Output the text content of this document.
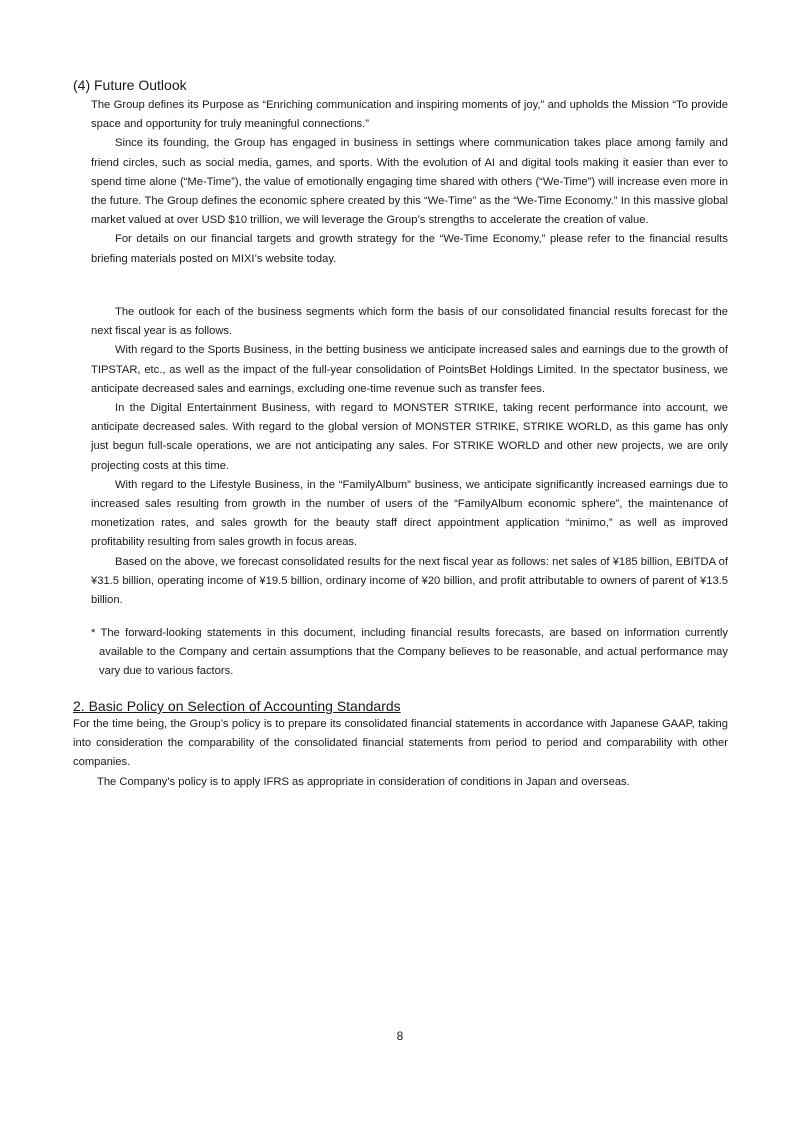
(4) Future Outlook

The Group defines its Purpose as “Enriching communication and inspiring moments of joy,” and upholds the Mission “To provide space and opportunity for truly meaningful connections.”

Since its founding, the Group has engaged in business in settings where communication takes place among family and friend circles, such as social media, games, and sports. With the evolution of AI and digital tools making it easier than ever to spend time alone (“Me-Time”), the value of emotionally engaging time shared with others (“We-Time”) will increase even more in the future. The Group defines the economic sphere created by this “We-Time” as the “We-Time Economy.” In this massive global market valued at over USD $10 trillion, we will leverage the Group’s strengths to accelerate the creation of value.

For details on our financial targets and growth strategy for the “We-Time Economy,” please refer to the financial results briefing materials posted on MIXI’s website today.

The outlook for each of the business segments which form the basis of our consolidated financial results forecast for the next fiscal year is as follows.

With regard to the Sports Business, in the betting business we anticipate increased sales and earnings due to the growth of TIPSTAR, etc., as well as the impact of the full-year consolidation of PointsBet Holdings Limited. In the spectator business, we anticipate decreased sales and earnings, excluding one-time revenue such as transfer fees.

In the Digital Entertainment Business, with regard to MONSTER STRIKE, taking recent performance into account, we anticipate decreased sales. With regard to the global version of MONSTER STRIKE, STRIKE WORLD, as this game has only just begun full-scale operations, we are not anticipating any sales. For STRIKE WORLD and other new projects, we are only projecting costs at this time.

With regard to the Lifestyle Business, in the “FamilyAlbum” business, we anticipate significantly increased earnings due to increased sales resulting from growth in the number of users of the “FamilyAlbum economic sphere”, the maintenance of monetization rates, and sales growth for the beauty staff direct appointment application “minimo,” as well as improved profitability resulting from sales growth in focus areas.

Based on the above, we forecast consolidated results for the next fiscal year as follows: net sales of ¥185 billion, EBITDA of ¥31.5 billion, operating income of ¥19.5 billion, ordinary income of ¥20 billion, and profit attributable to owners of parent of ¥13.5 billion.

* The forward-looking statements in this document, including financial results forecasts, are based on information currently available to the Company and certain assumptions that the Company believes to be reasonable, and actual performance may vary due to various factors.
2. Basic Policy on Selection of Accounting Standards

For the time being, the Group’s policy is to prepare its consolidated financial statements in accordance with Japanese GAAP, taking into consideration the comparability of the consolidated financial statements from period to period and comparability with other companies.

The Company’s policy is to apply IFRS as appropriate in consideration of conditions in Japan and overseas.

8
